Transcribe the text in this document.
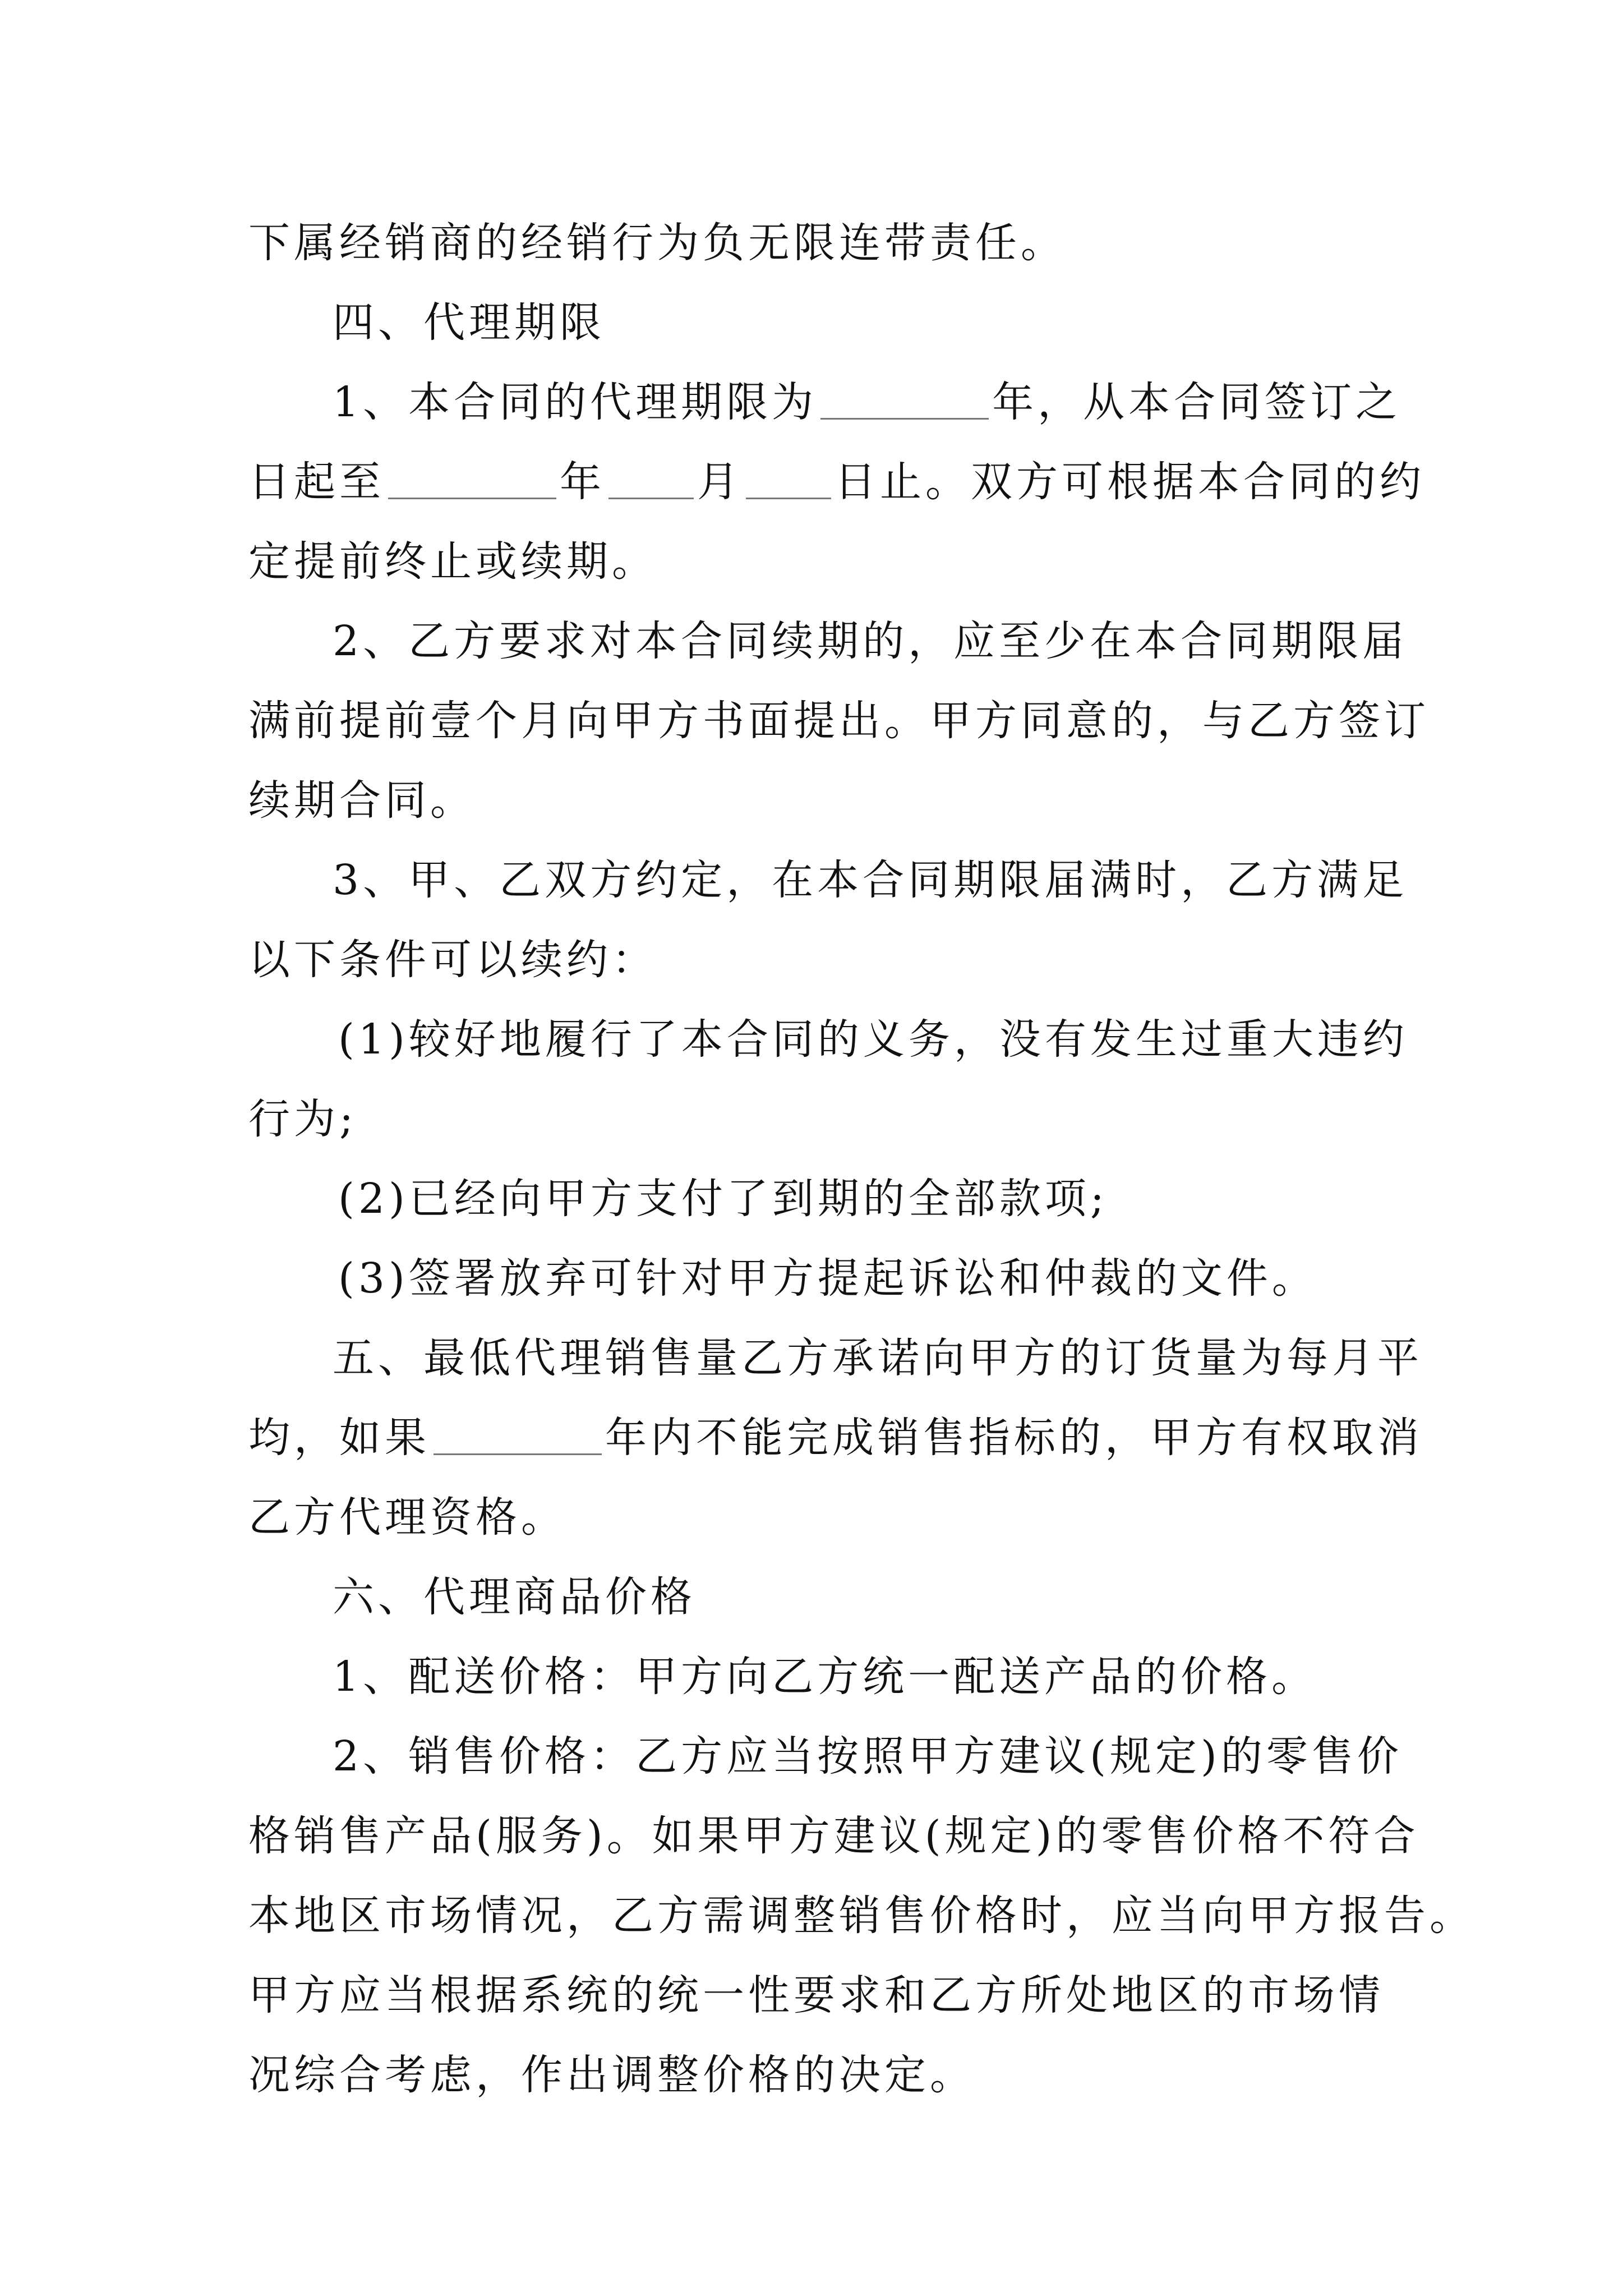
下属经销商的经销行为负无限连带责任。
四、代理期限
1、本合同的代理期限为	年，从本合同签订之
日起至	年 月 日止。双方可根据本合同的约
定提前终止或续期。
2、乙方要求对本合同续期的，应至少在本合同期限届
满前提前壹个月向甲方书面提出。甲方同意的，与乙方签订
续期合同。
3、甲、乙双方约定，在本合同期限届满时，乙方满足
以下条件可以续约：
(1)较好地履行了本合同的义务，没有发生过重大违约
行为;
(2)已经向甲方支付了到期的全部款项;
(3)签署放弃可针对甲方提起诉讼和仲裁的文件。
五、最低代理销售量乙方承诺向甲方的订货量为每月平
均，如果	年内不能完成销售指标的，甲方有权取消
乙方代理资格。
六、代理商品价格
1、配送价格：甲方向乙方统一配送产品的价格。
2、销售价格：乙方应当按照甲方建议(规定)的零售价
格销售产品(服务)。如果甲方建议(规定)的零售价格不符合
本地区市场情况，乙方需调整销售价格时，应当向甲方报告。
甲方应当根据系统的统一性要求和乙方所处地区的市场情
况综合考虑，作出调整价格的决定。
